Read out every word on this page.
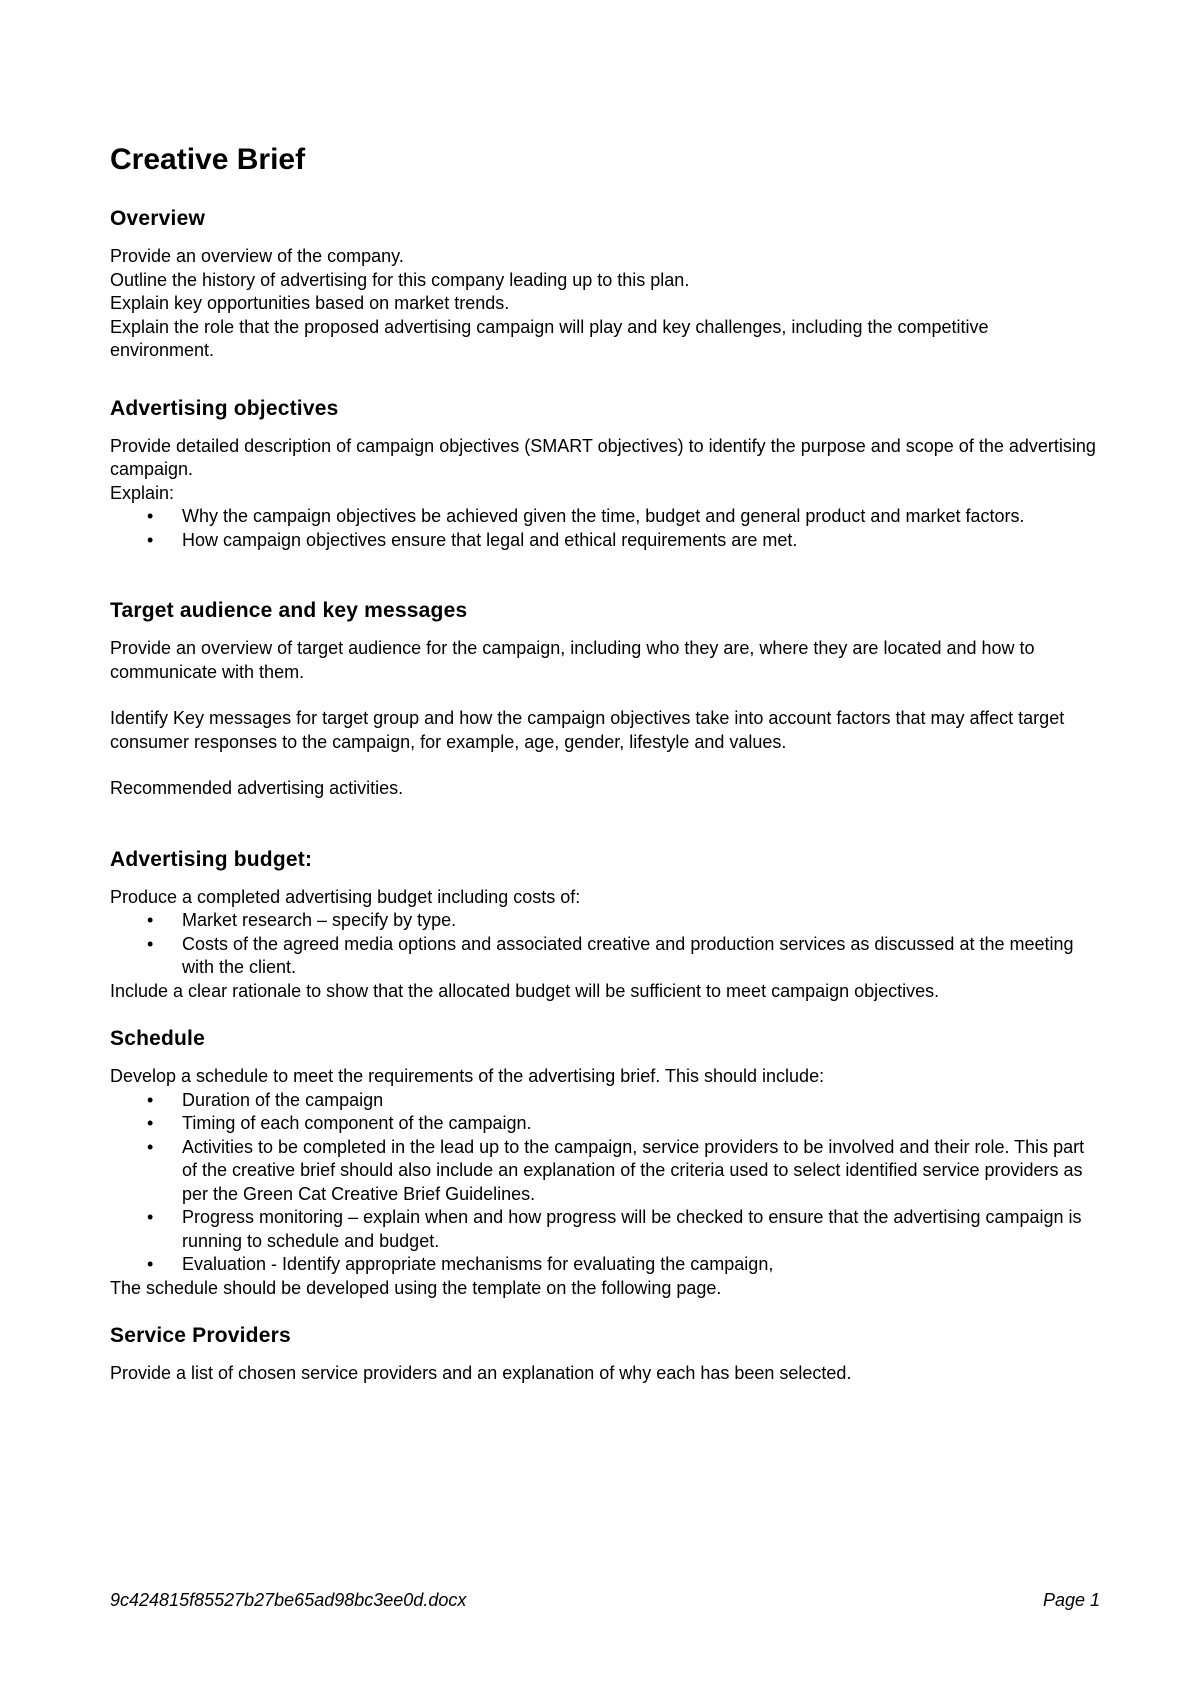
Creative Brief
Overview

Provide an overview of the company.

Outline the history of advertising for this company leading up to this plan.

Explain key opportunities based on market trends.

Explain the role that the proposed advertising campaign will play and key challenges, including the competitive environment.

Advertising objectives

Provide detailed description of campaign objectives (SMART objectives) to identify the purpose and scope of the advertising campaign.

Explain:

• Why the campaign objectives be achieved given the time, budget and general product and market factors.
• How campaign objectives ensure that legal and ethical requirements are met.
Target audience and key messages

Provide an overview of target audience for the campaign, including who they are, where they are located and how to communicate with them.

Identify Key messages for target group and how the campaign objectives take into account factors that may affect target consumer responses to the campaign, for example, age, gender, lifestyle and values.

Recommended advertising activities.

Advertising budget:

Produce a completed advertising budget including costs of:

• Market research – specify by type.
• Costs of the agreed media options and associated creative and production services as discussed at the meeting with the client.

Include a clear rationale to show that the allocated budget will be sufficient to meet campaign objectives.

Schedule

Develop a schedule to meet the requirements of the advertising brief. This should include:

• Duration of the campaign
• Timing of each component of the campaign.
• Activities to be completed in the lead up to the campaign, service providers to be involved and their role. This part of the creative brief should also include an explanation of the criteria used to select identified service providers as per the Green Cat Creative Brief Guidelines.
• Progress monitoring – explain when and how progress will be checked to ensure that the advertising campaign is running to schedule and budget.
• Evaluation - Identify appropriate mechanisms for evaluating the campaign,

The schedule should be developed using the template on the following page.

Service Providers

Provide a list of chosen service providers and an explanation of why each has been selected.

9c424815f85527b27be65ad98bc3ee0d.docx	Page 1
